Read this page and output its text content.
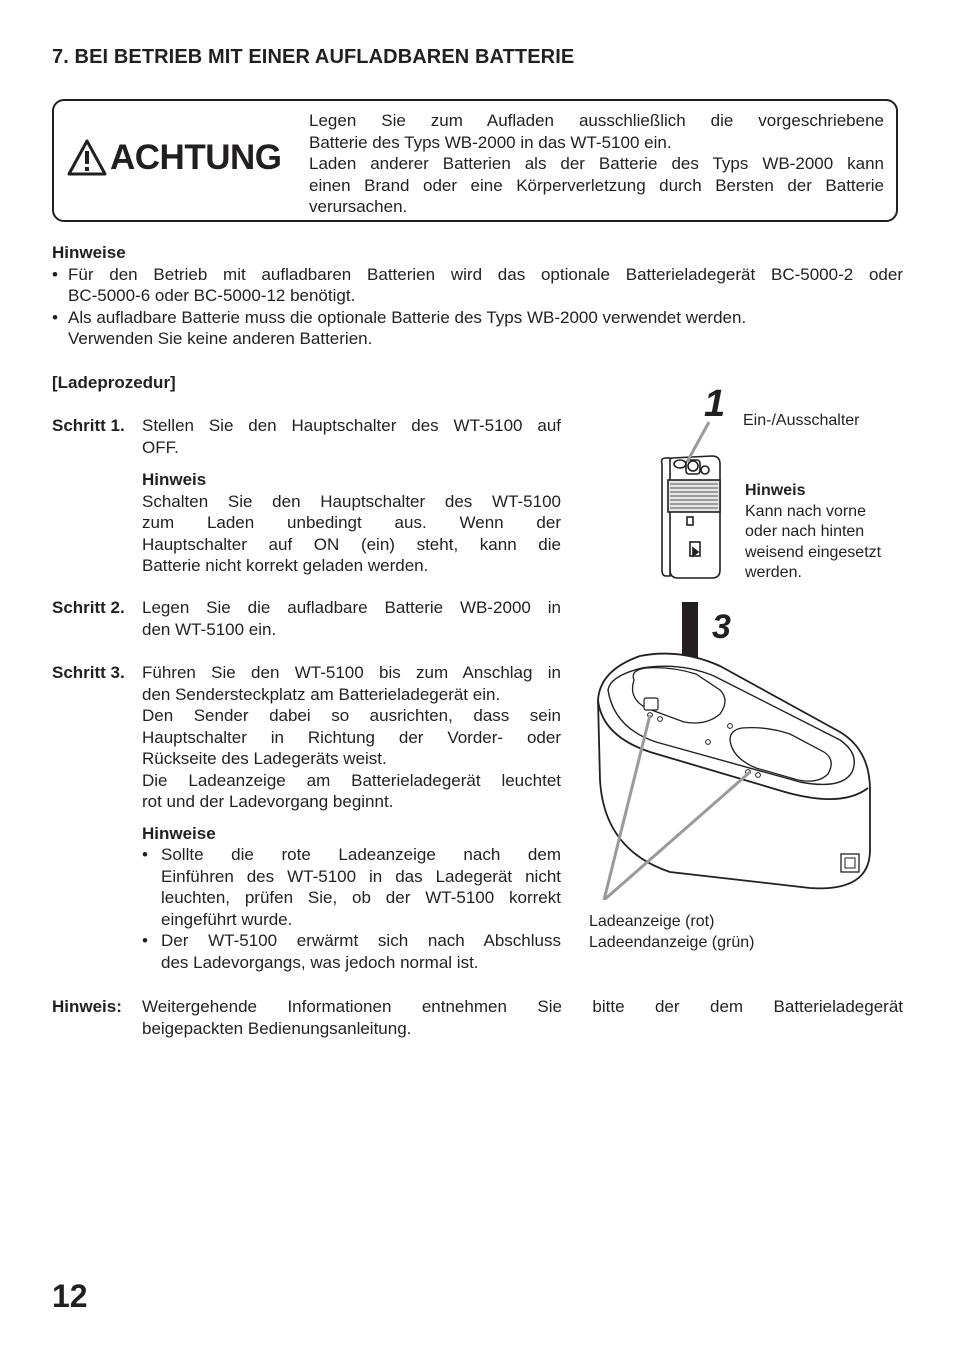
7. BEI BETRIEB MIT EINER AUFLADBAREN BATTERIE
ACHTUNG
Legen Sie zum Aufladen ausschließlich die vorgeschriebene
Batterie des Typs WB-2000 in das WT-5100 ein.
Laden anderer Batterien als der Batterie des Typs WB-2000 kann
einen Brand oder eine Körperverletzung durch Bersten der Batterie
verursachen.
Hinweise
• Für den Betrieb mit aufladbaren Batterien wird das optionale Batterieladegerät BC-5000-2 oder
BC-5000-6 oder BC-5000-12 benötigt.
• Als aufladbare Batterie muss die optionale Batterie des Typs WB-2000 verwendet werden.
Verwenden Sie keine anderen Batterien.
[Ladeprozedur]
Schritt 1. Stellen Sie den Hauptschalter des WT-5100 auf
OFF.
Hinweis
Schalten Sie den Hauptschalter des WT-5100
zum Laden unbedingt aus. Wenn der
Hauptschalter auf ON (ein) steht, kann die
Batterie nicht korrekt geladen werden.
Schritt 2. Legen Sie die aufladbare Batterie WB-2000 in
den WT-5100 ein.
Schritt 3. Führen Sie den WT-5100 bis zum Anschlag in
den Sendersteckplatz am Batterieladegerät ein.
Den Sender dabei so ausrichten, dass sein
Hauptschalter in Richtung der Vorder- oder
Rückseite des Ladegeräts weist.
Die Ladeanzeige am Batterieladegerät leuchtet
rot und der Ladevorgang beginnt.
Hinweise
• Sollte die rote Ladeanzeige nach dem
Einführen des WT-5100 in das Ladegerät nicht
leuchten, prüfen Sie, ob der WT-5100 korrekt
eingeführt wurde.
• Der WT-5100 erwärmt sich nach Abschluss
des Ladevorgangs, was jedoch normal ist.
1
3
Ein-/Ausschalter
Hinweis
Kann nach vorne
oder nach hinten
weisend eingesetzt
werden.
Ladeanzeige (rot)
Ladeendanzeige (grün)
Hinweis: Weitergehende Informationen entnehmen Sie bitte der dem Batterieladegerät
beigepackten Bedienungsanleitung.
12
